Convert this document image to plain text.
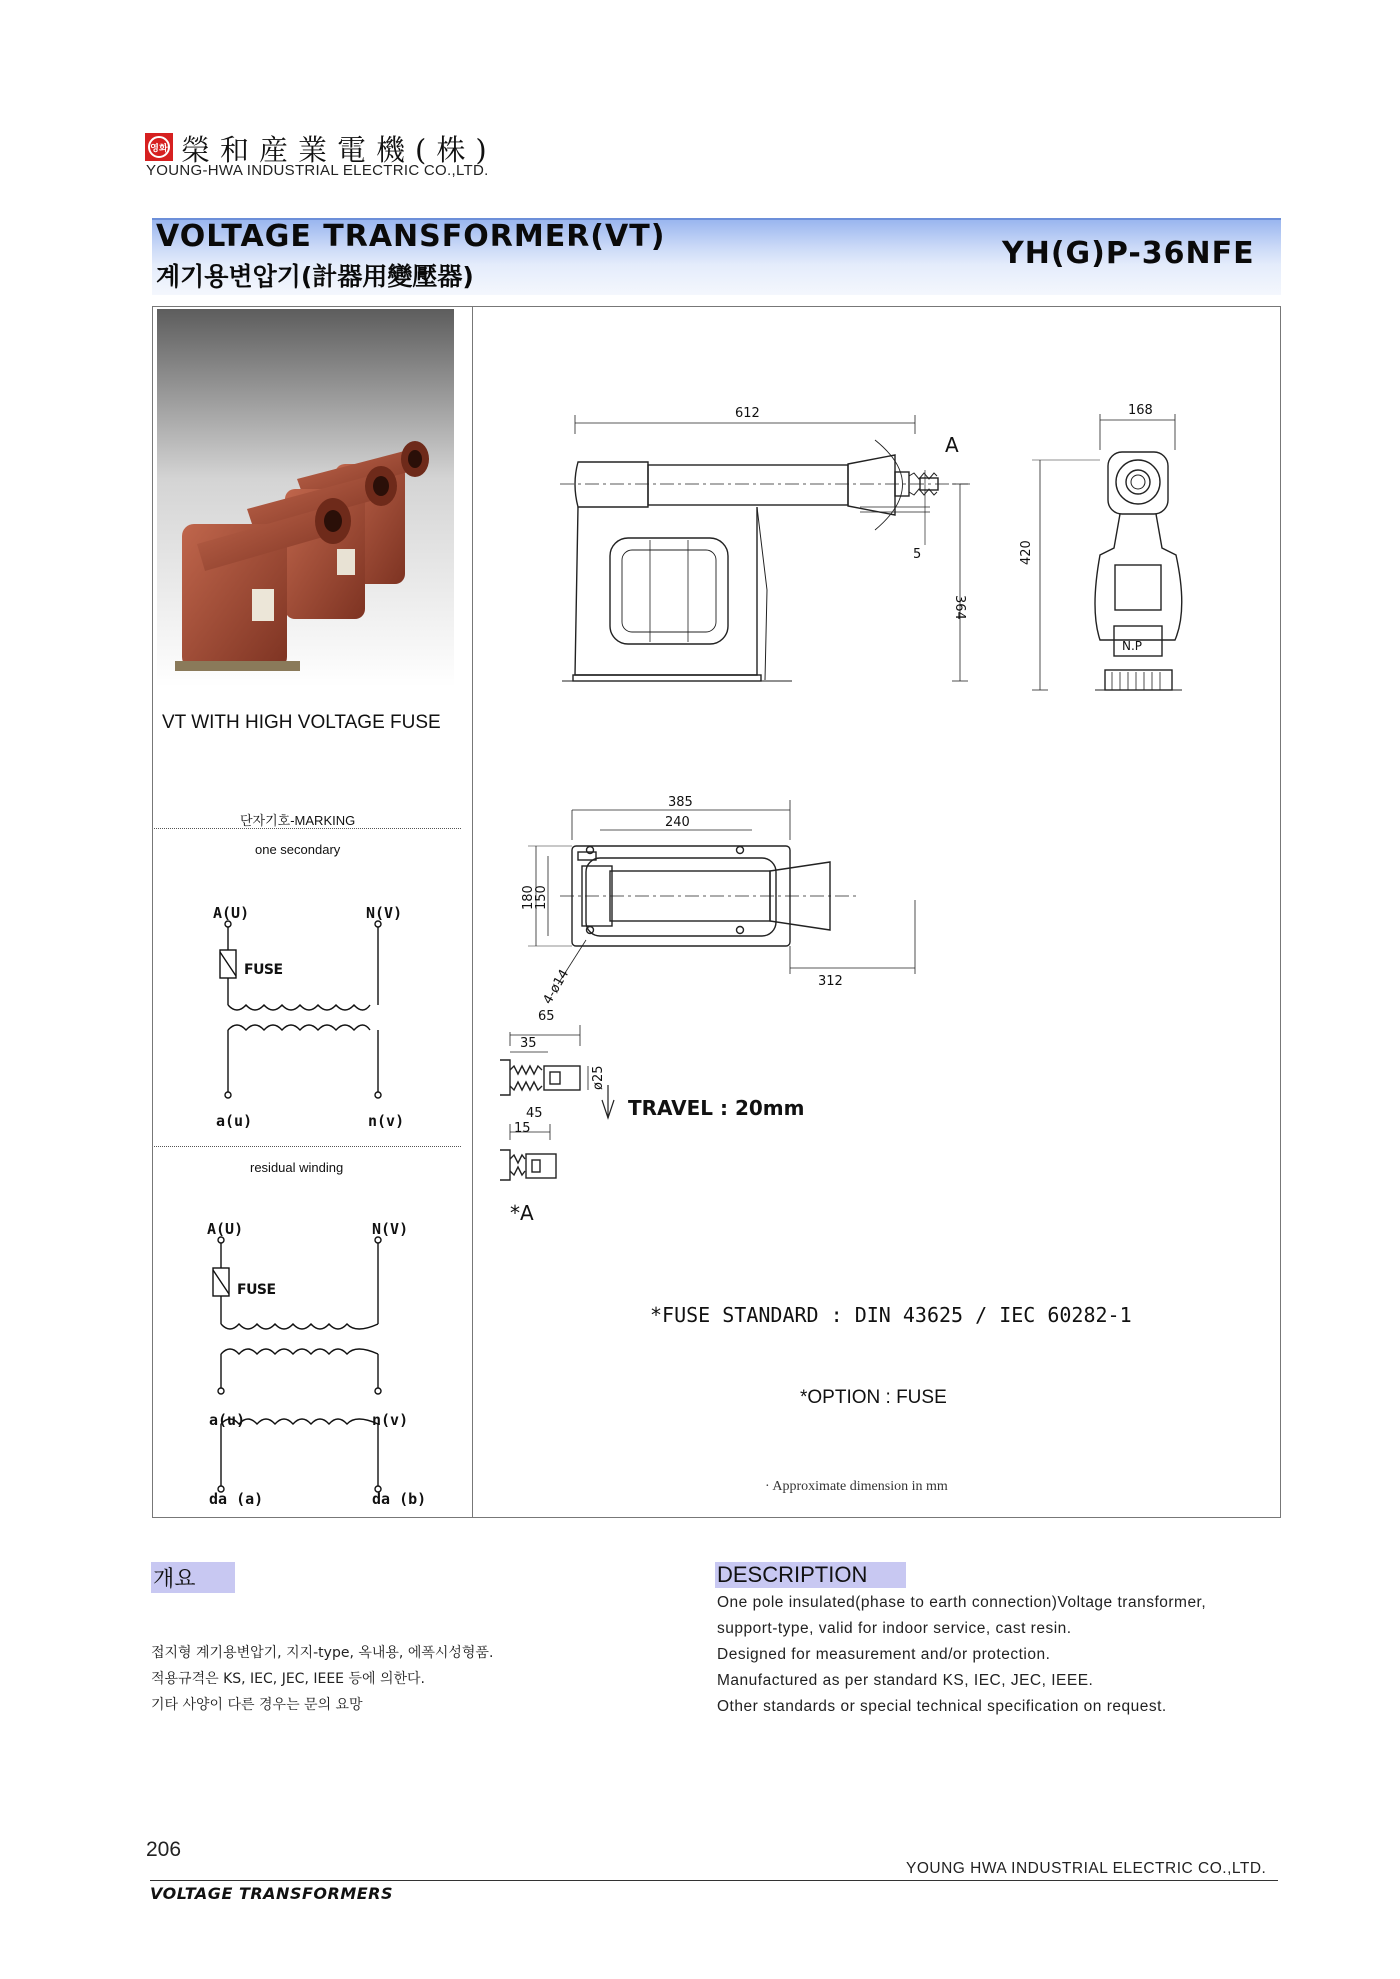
영화 榮和産業電機(株)
YOUNG-HWA INDUSTRIAL ELECTRIC CO.,LTD.
VOLTAGE TRANSFORMER(VT)
계기용변압기(計器用變壓器)
YH(G)P-36NFE
VT WITH HIGH VOLTAGE FUSE
단자기호-MARKING
one secondary
A(U)	N(V)
FUSE
a(u)	n(v)
residual winding
A(U)	N(V)
FUSE
a(u)	n(v)
da (a)	da (b)
612
A
168
5
364
420
N.P
385
240
180
150
312
4-ø14
65
35
ø25
45
15
TRAVEL : 20mm
*A
*FUSE STANDARD : DIN 43625 / IEC 60282-1
*OPTION : FUSE
· Approximate dimension in mm
개요
접지형 계기용변압기, 지지-type, 옥내용, 에폭시성형품.
적용규격은 KS, IEC, JEC, IEEE 등에 의한다.
기타 사양이 다른 경우는 문의 요망
DESCRIPTION
One pole insulated(phase to earth connection)Voltage transformer,
support-type, valid for indoor service, cast resin.
Designed for measurement and/or protection.
Manufactured as per standard KS, IEC, JEC, IEEE.
Other standards or special technical specification on request.
206
YOUNG HWA INDUSTRIAL ELECTRIC CO.,LTD.
VOLTAGE TRANSFORMERS
